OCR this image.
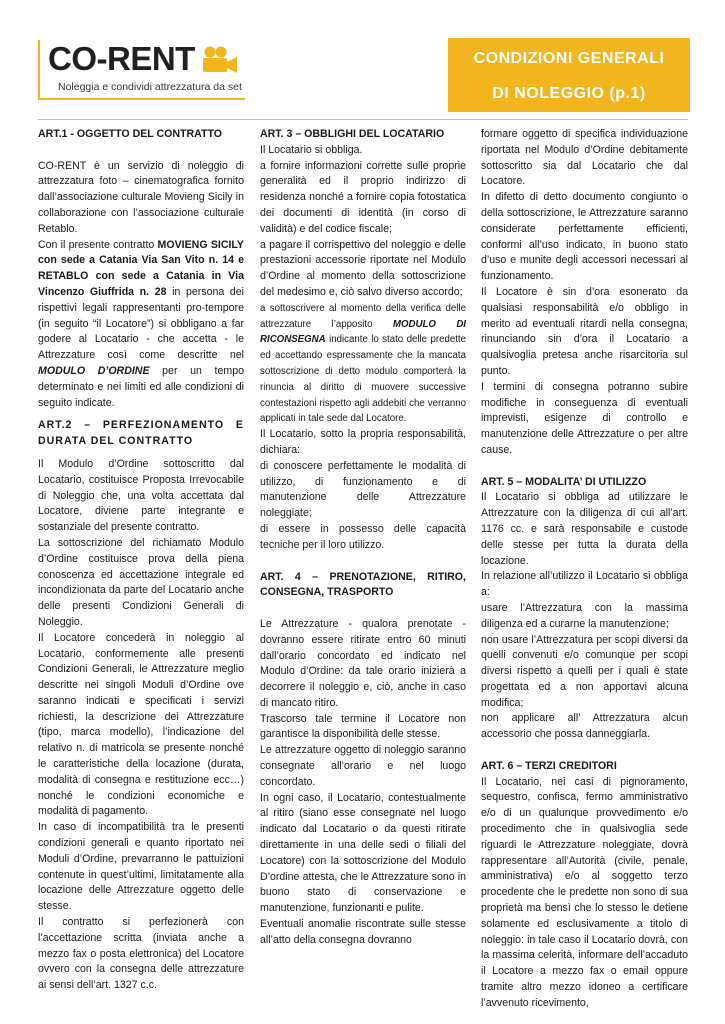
CO-RENT
Noleggia e condividi attrezzatura da set
CONDIZIONI GENERALI
DI NOLEGGIO (p.1)

ART.1 - OGGETTO DEL CONTRATTO

CO-RENT è un servizio di noleggio di attrezzatura foto – cinematografica fornito dall’associazione culturale Movieng Sicily in collaborazione con l’associazione culturale Retablo.

Con il presente contratto MOVIENG SICILY con sede a Catania Via San Vito n. 14 e RETABLO con sede a Catania in Via Vincenzo Giuffrida n. 28 in persona dei rispettivi legali rappresentanti pro-tempore (in seguito “il Locatore”) si obbligano a far godere al Locatario - che accetta - le Attrezzature così come descritte nel MODULO D’ORDINE per un tempo determinato e nei limiti ed alle condizioni di seguito indicate.

ART.2 – PERFEZIONAMENTO E DURATA DEL CONTRATTO

Il Modulo d’Ordine sottoscritto dal Locatario, costituisce Proposta Irrevocabile di Noleggio che, una volta accettata dal Locatore, diviene parte integrante e sostanziale del presente contratto.

La sottoscrizione del richiamato Modulo d’Ordine costituisce prova della piena conoscenza ed accettazione integrale ed incondizionata da parte del Locatario anche delle presenti Condizioni Generali di Noleggio.

Il Locatore concederà in noleggio al Locatario, conformemente alle presenti Condizioni Generali, le Attrezzature meglio descritte nei singoli Moduli d’Ordine ove saranno indicati e specificati i servizi richiesti, la descrizione dei Attrezzature (tipo, marca modello), l’indicazione del relativo n. di matricola se presente nonché le caratteristiche della locazione (durata, modalità di consegna e restituzione ecc…) nonché le condizioni economiche e modalità di pagamento.

In caso di incompatibilità tra le presenti condizioni generali e quanto riportato nei Moduli d’Ordine, prevarranno le pattuizioni contenute in quest’ultimi, limitatamente alla locazione delle Attrezzature oggetto delle stesse.

Il contratto si perfezionerà con l’accettazione scritta (inviata anche a mezzo fax o posta elettronica) del Locatore ovvero con la consegna delle attrezzature ai sensi dell’art. 1327 c.c.

ART. 3 – OBBLIGHI DEL LOCATARIO

Il Locatario si obbliga.

a fornire informazioni corrette sulle proprie generalità ed il proprio indirizzo di residenza nonché a fornire copia fotostatica dei documenti di identità (in corso di validità) e del codice fiscale;

a pagare il corrispettivo del noleggio e delle prestazioni accessorie riportate nel Modulo d’Ordine al momento della sottoscrizione del medesimo e, ciò salvo diverso accordo;

a sottoscrivere al momento della verifica delle attrezzature l’apposito MODULO DI RICONSEGNA indicante lo stato delle predette ed accettando espressamente che la mancata sottoscrizione di detto modulo comporterà la rinuncia al diritto di muovere successive contestazioni rispetto agli addebiti che verranno applicati in tale sede dal Locatore.

Il Locatario, sotto la propria responsabilità, dichiara:

di conoscere perfettamente le modalità di utilizzo, di funzionamento e di manutenzione delle Attrezzature noleggiate;

di essere in possesso delle capacità tecniche per il loro utilizzo.

ART. 4 – PRENOTAZIONE, RITIRO, CONSEGNA, TRASPORTO

Le Attrezzature - qualora prenotate - dovranno essere ritirate entro 60 minuti dall’orario concordato ed indicato nel Modulo d’Ordine: da tale orario inizierà a decorrere il noleggio e, ciò, anche in caso di mancato ritiro.

Trascorso tale termine il Locatore non garantisce la disponibilità delle stesse.

Le attrezzature oggetto di noleggio saranno consegnate all’orario e nel luogo concordato.

In ogni caso, il Locatario, contestualmente al ritiro (siano esse consegnate nel luogo indicato dal Locatario o da questi ritirate direttamente in una delle sedi o filiali del Locatore) con la sottoscrizione del Modulo D’ordine attesta, che le Attrezzature sono in buono stato di conservazione e manutenzione, funzionanti e pulite.

Eventuali anomalie riscontrate sulle stesse all’atto della consegna dovranno

formare oggetto di specifica individuazione riportata nel Modulo d’Ordine debitamente sottoscritto sia dal Locatario che dal Locatore.

In difetto di detto documento congiunto o della sottoscrizione, le Attrezzature saranno considerate perfettamente efficienti, conformi all’uso indicato, in buono stato d’uso e munite degli accessori necessari al funzionamento.

Il Locatore è sin d’ora esonerato da qualsiasi responsabilità e/o obbligo in merito ad eventuali ritardi nella consegna, rinunciando sin d’ora il Locatario a qualsivoglia pretesa anche risarcitoria sul punto.

I termini di consegna potranno subire modifiche in conseguenza di eventuali imprevisti, esigenze di controllo e manutenzione delle Attrezzature o per altre cause.

ART. 5 – MODALITA’ DI UTILIZZO

Il Locatario si obbliga ad utilizzare le Attrezzature con la diligenza di cui all’art. 1176 cc. e sarà responsabile e custode delle stesse per tutta la durata della locazione.

In relazione all’utilizzo il Locatario si obbliga a:

usare l’Attrezzatura con la massima diligenza ed a curarne la manutenzione;

non usare l’Attrezzatura per scopi diversi da quelli convenuti e/o comunque per scopi diversi rispetto a quelli per i quali è state progettata ed a non apportavi alcuna modifica;

non applicare all’ Attrezzatura alcun accessorio che possa danneggiarla.

ART. 6 – TERZI CREDITORI

Il Locatario, nei casi di pignoramento, sequestro, confisca, fermo amministrativo e/o di un qualunque provvedimento e/o procedimento che in qualsivoglia sede riguardi le Attrezzature noleggiate, dovrà rappresentare all’Autorità (civile, penale, amministrativa) e/o al soggetto terzo procedente che le predette non sono di sua proprietà ma bensì che lo stesso le detiene solamente ed esclusivamente a titolo di noleggio: in tale caso il Locatario dovrà, con la massima celerità, informare dell’accaduto il Locatore a mezzo fax o email oppure tramite altro mezzo idoneo a certificare l’avvenuto ricevimento,
